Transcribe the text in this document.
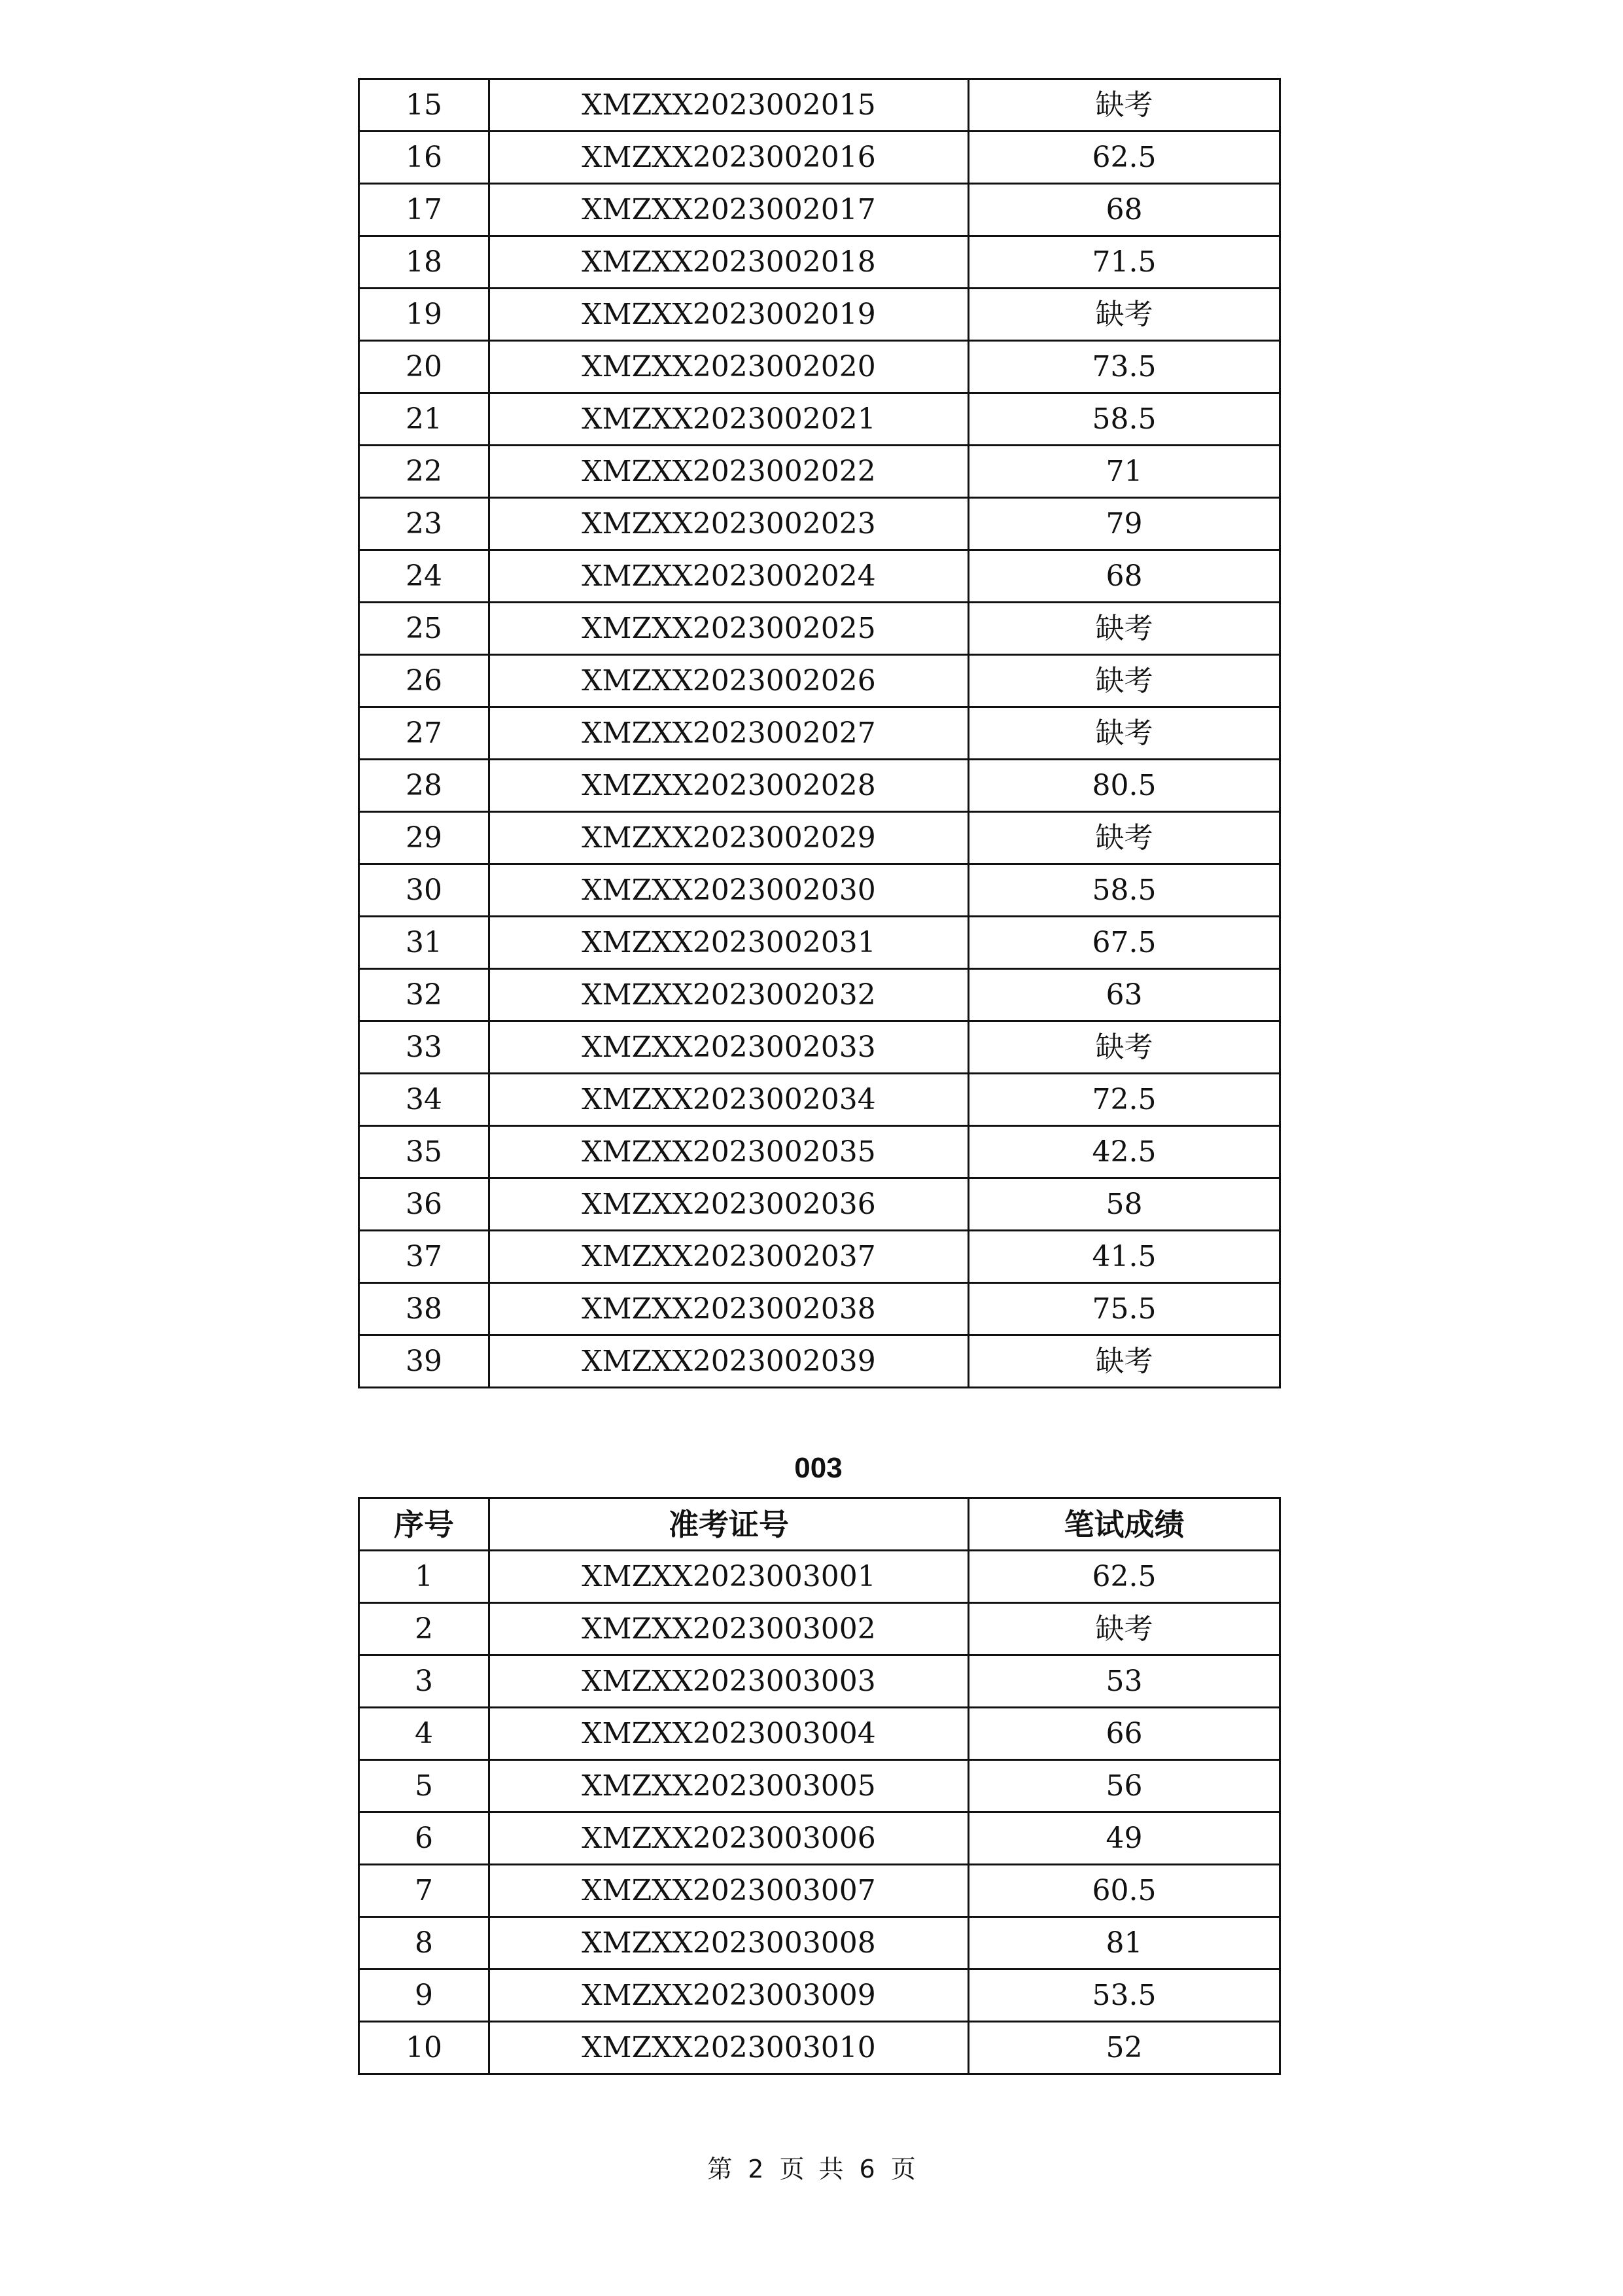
15	XMZXX2023002015	缺考
16	XMZXX2023002016	62.5
17	XMZXX2023002017	68
18	XMZXX2023002018	71.5
19	XMZXX2023002019	缺考
20	XMZXX2023002020	73.5
21	XMZXX2023002021	58.5
22	XMZXX2023002022	71
23	XMZXX2023002023	79
24	XMZXX2023002024	68
25	XMZXX2023002025	缺考
26	XMZXX2023002026	缺考
27	XMZXX2023002027	缺考
28	XMZXX2023002028	80.5
29	XMZXX2023002029	缺考
30	XMZXX2023002030	58.5
31	XMZXX2023002031	67.5
32	XMZXX2023002032	63
33	XMZXX2023002033	缺考
34	XMZXX2023002034	72.5
35	XMZXX2023002035	42.5
36	XMZXX2023002036	58
37	XMZXX2023002037	41.5
38	XMZXX2023002038	75.5
39	XMZXX2023002039	缺考
003
序号	准考证号	笔试成绩
1	XMZXX2023003001	62.5
2	XMZXX2023003002	缺考
3	XMZXX2023003003	53
4	XMZXX2023003004	66
5	XMZXX2023003005	56
6	XMZXX2023003006	49
7	XMZXX2023003007	60.5
8	XMZXX2023003008	81
9	XMZXX2023003009	53.5
10	XMZXX2023003010	52
第 2 页 共 6 页
